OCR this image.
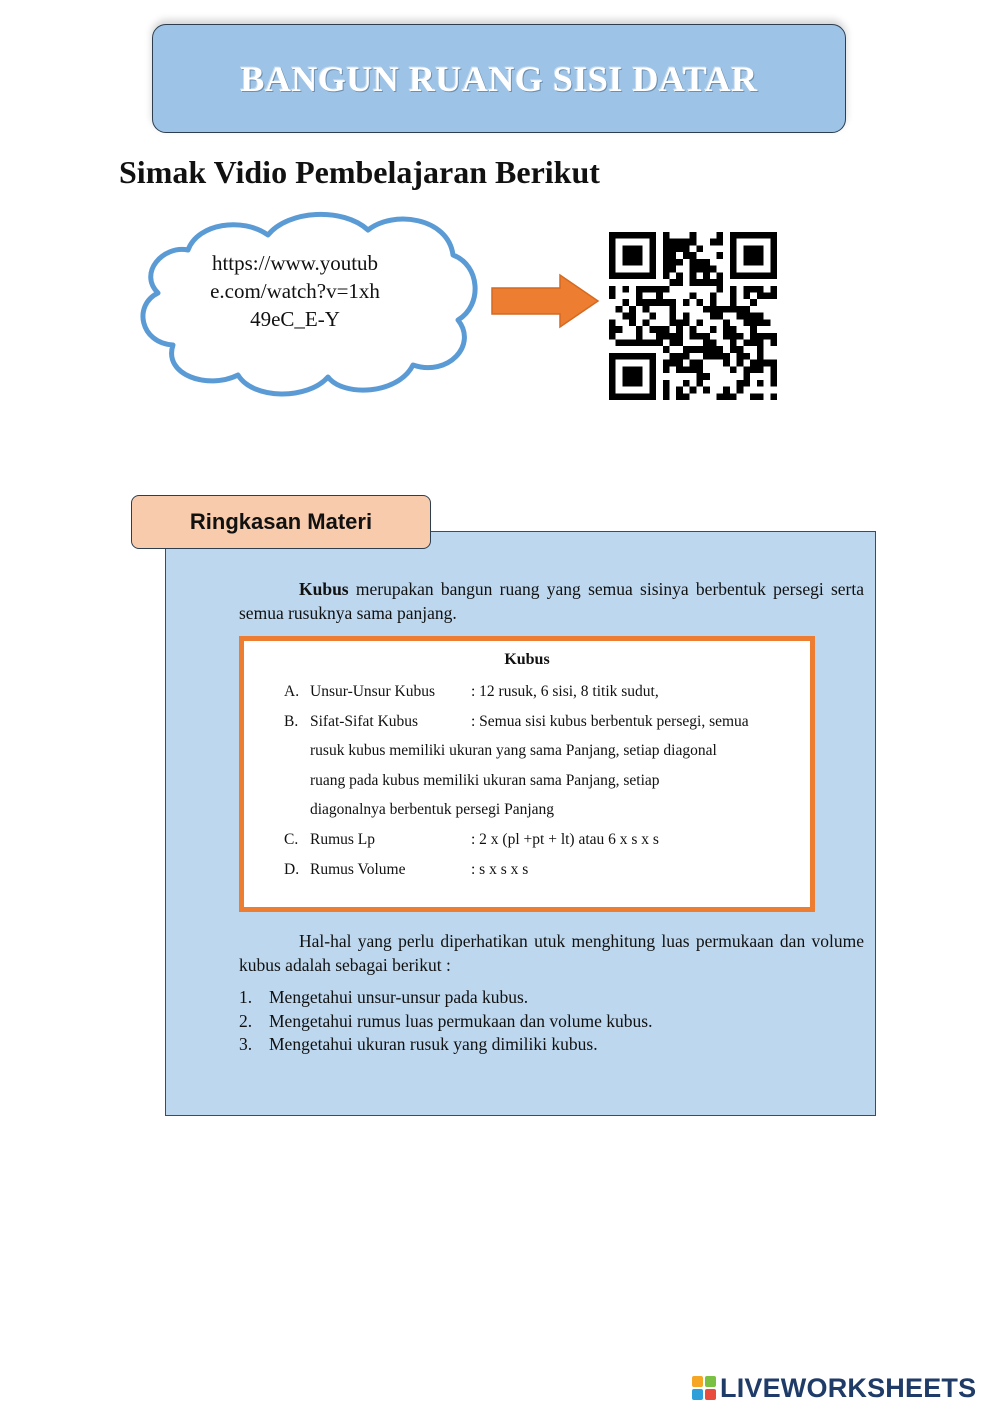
BANGUN RUANG SISI DATAR
Simak Vidio Pembelajaran Berikut
https://www.youtub
e.com/watch?v=1xh
49eC_E-Y
Ringkasan Materi

Kubus merupakan bangun ruang yang semua sisinya berbentuk persegi serta semua rusuknya sama panjang.

Kubus
A. Unsur-Unsur Kubus : 12 rusuk, 6 sisi, 8 titik sudut,
B. Sifat-Sifat Kubus	: Semua sisi kubus berbentuk persegi, semua
rusuk kubus memiliki ukuran yang sama Panjang, setiap diagonal
ruang pada kubus memiliki ukuran sama Panjang, setiap
diagonalnya berbentuk persegi Panjang
C. Rumus Lp	: 2 x (pl +pt + lt) atau 6 x s x s
D. Rumus Volume	: s x s x s

Hal-hal yang perlu diperhatikan utuk menghitung luas permukaan dan volume kubus adalah sebagai berikut :

1. Mengetahui unsur-unsur pada kubus.
2. Mengetahui rumus luas permukaan dan volume kubus.
3. Mengetahui ukuran rusuk yang dimiliki kubus.
LIVEWORKSHEETS
